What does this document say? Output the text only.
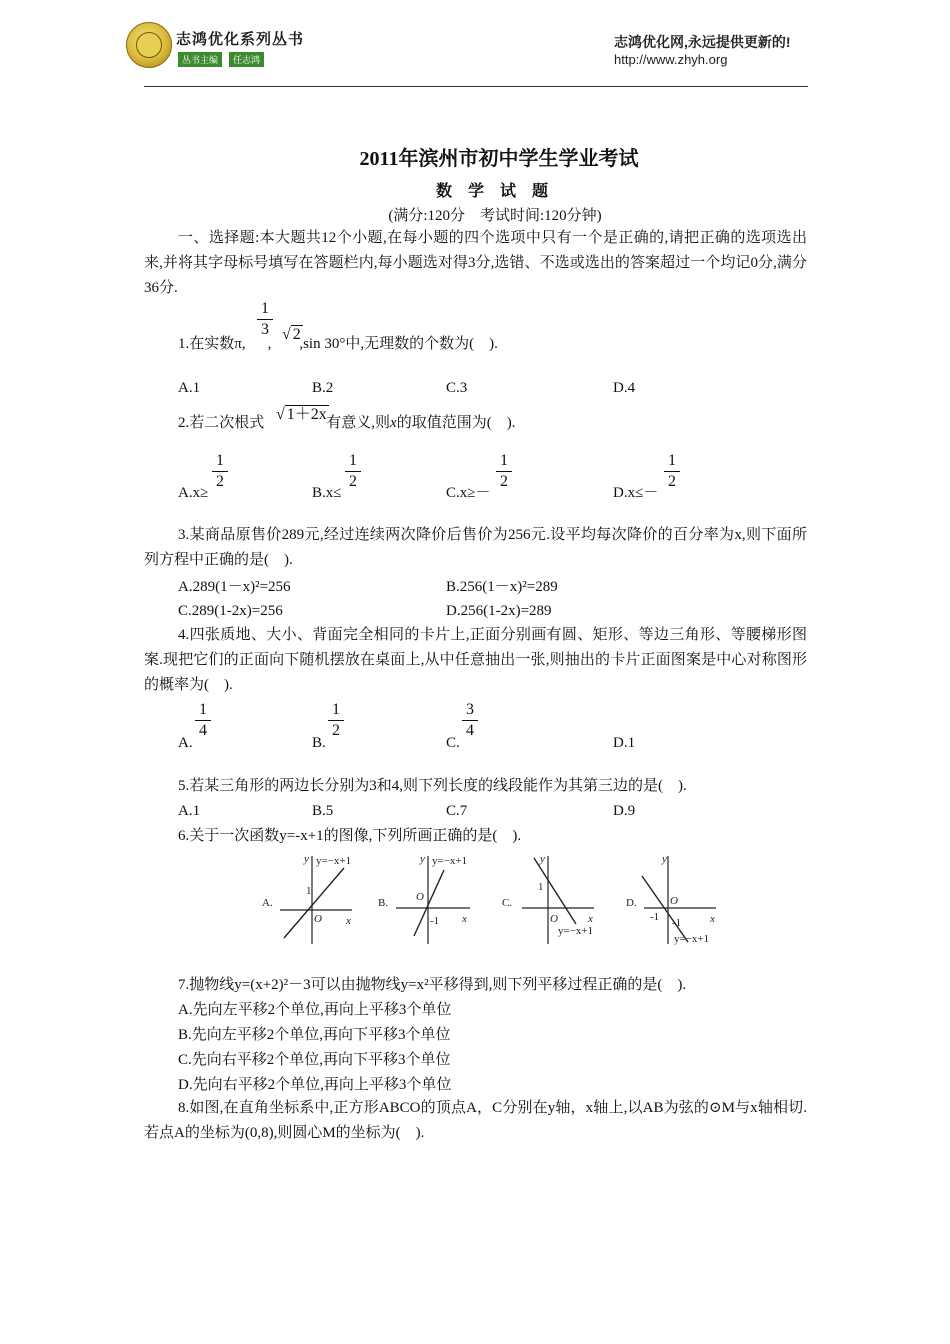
志鸿优化系列丛书
丛书主编	任志鸿
志鸿优化网,永远提供更新的!
http://www.zhyh.org
2011年滨州市初中学生学业考试
数 学 试 题
(满分:120分　考试时间:120分钟)
一、选择题:本大题共12个小题,在每小题的四个选项中只有一个是正确的,请把正确的选项选出来,并将其字母标号填写在答题栏内,每小题选对得3分,选错、不选或选出的答案超过一个均记0分,满分36分.
1.在实数π, , ,sin 30°中,无理数的个数为(　).
1
3 √ 2
A.1	B.2	C.3	D.4
2.若二次根式	有意义,则x的取值范围为(　).
√ 1＋2x
A.x≥
1
2
B.x≤
1
2
C.x≥－
1
2
D.x≤－
1
2
3.某商品原售价289元,经过连续两次降价后售价为256元.设平均每次降价的百分率为x,则下面所列方程中正确的是(　).
A.289(1－x)²=256	B.256(1－x)²=289
C.289(1-2x)=256	D.256(1-2x)=289
4.四张质地、大小、背面完全相同的卡片上,正面分别画有圆、矩形、等边三角形、等腰梯形图案.现把它们的正面向下随机摆放在桌面上,从中任意抽出一张,则抽出的卡片正面图案是中心对称图形的概率为(　).
A.
1
4
B.
1
2
C.
3
4
D.1
5.若某三角形的两边长分别为3和4,则下列长度的线段能作为其第三边的是(　).
A.1	B.5	C.7	D.9
6.关于一次函数y=-x+1的图像,下列所画正确的是(　).
A.
y=−x+1
y
1
O x
B.
y=−x+1
y
O
-1 x
C.
y
1
O	x
y=−x+1
D.
y
-1
O
-1	x
y=−x+1
7.抛物线y=(x+2)²－3可以由抛物线y=x²平移得到,则下列平移过程正确的是(　).
A.先向左平移2个单位,再向上平移3个单位
B.先向左平移2个单位,再向下平移3个单位
C.先向右平移2个单位,再向下平移3个单位
D.先向右平移2个单位,再向上平移3个单位
8.如图,在直角坐标系中,正方形ABCO的顶点A，C分别在y轴，x轴上,以AB为弦的⊙M与x轴相切.若点A的坐标为(0,8),则圆心M的坐标为(　).
